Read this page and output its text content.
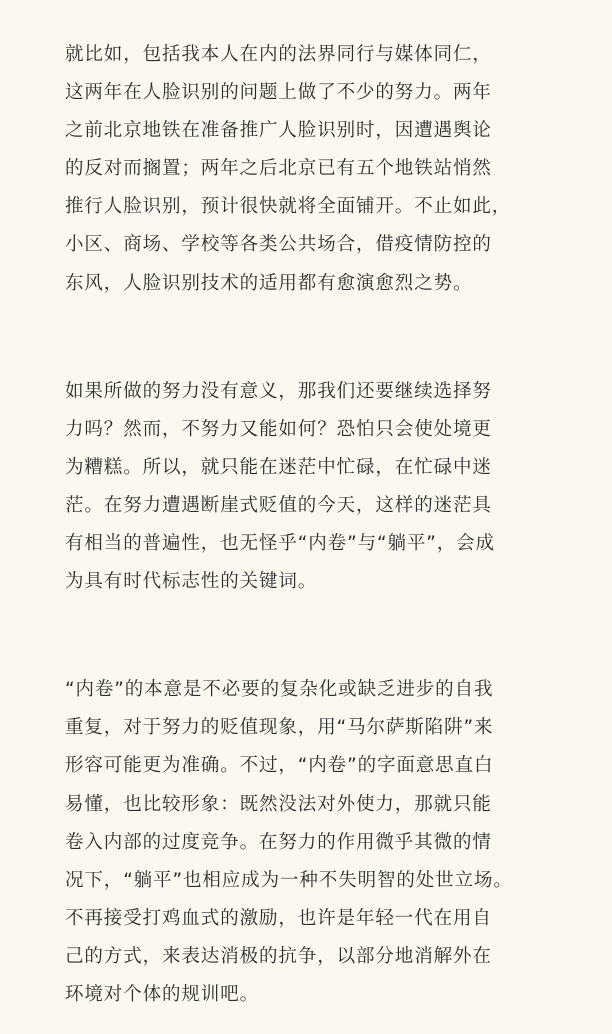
就比如，包括我本人在内的法界同行与媒体同仁，
这两年在人脸识别的问题上做了不少的努力。两年
之前北京地铁在准备推广人脸识别时，因遭遇舆论
的反对而搁置；两年之后北京已有五个地铁站悄然
推行人脸识别，预计很快就将全面铺开。不止如此，
小区、商场、学校等各类公共场合，借疫情防控的
东风，人脸识别技术的适用都有愈演愈烈之势。

如果所做的努力没有意义，那我们还要继续选择努
力吗？然而，不努力又能如何？恐怕只会使处境更
为糟糕。所以，就只能在迷茫中忙碌，在忙碌中迷
茫。在努力遭遇断崖式贬值的今天，这样的迷茫具
有相当的普遍性，也无怪乎“内卷”与“躺平”，会成
为具有时代标志性的关键词。

“内卷”的本意是不必要的复杂化或缺乏进步的自我
重复，对于努力的贬值现象，用“马尔萨斯陷阱”来
形容可能更为准确。不过，“内卷”的字面意思直白
易懂，也比较形象：既然没法对外使力，那就只能
卷入内部的过度竞争。在努力的作用微乎其微的情
况下，“躺平”也相应成为一种不失明智的处世立场。
不再接受打鸡血式的激励，也许是年轻一代在用自
己的方式，来表达消极的抗争，以部分地消解外在
环境对个体的规训吧。
